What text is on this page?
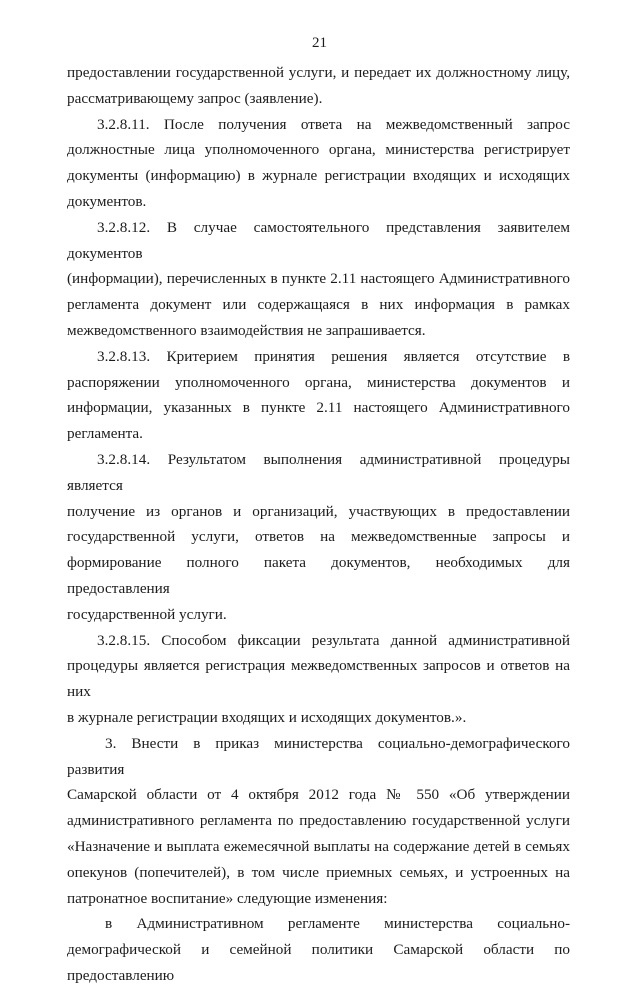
21

предоставлении государственной услуги, и передает их должностному лицу,

рассматривающему запрос (заявление).

3.2.8.11. После получения ответа на межведомственный запрос

должностные лица уполномоченного органа, министерства регистрирует

документы (информацию) в журнале регистрации входящих и исходящих

документов.

3.2.8.12. В случае самостоятельного представления заявителем документов

(информации), перечисленных в пункте 2.11 настоящего Административного

регламента документ или содержащаяся в них информация в рамках

межведомственного взаимодействия не запрашивается.

3.2.8.13. Критерием принятия решения является отсутствие в

распоряжении уполномоченного органа, министерства документов и

информации, указанных в пункте 2.11 настоящего Административного

регламента.

3.2.8.14. Результатом выполнения административной процедуры является

получение из органов и организаций, участвующих в предоставлении

государственной услуги, ответов на межведомственные запросы и

формирование полного пакета документов, необходимых для предоставления

государственной услуги.

3.2.8.15. Способом фиксации результата данной административной

процедуры является регистрация межведомственных запросов и ответов на них

в журнале регистрации входящих и исходящих документов.».

3. Внести в приказ министерства социально-демографического развития

Самарской области от 4 октября 2012 года № 550 «Об утверждении

административного регламента по предоставлению государственной услуги

«Назначение и выплата ежемесячной выплаты на содержание детей в семьях

опекунов (попечителей), в том числе приемных семьях, и устроенных на

патронатное воспитание» следующие изменения:

в Административном регламенте министерства социально-

демографической и семейной политики Самарской области по предоставлению
